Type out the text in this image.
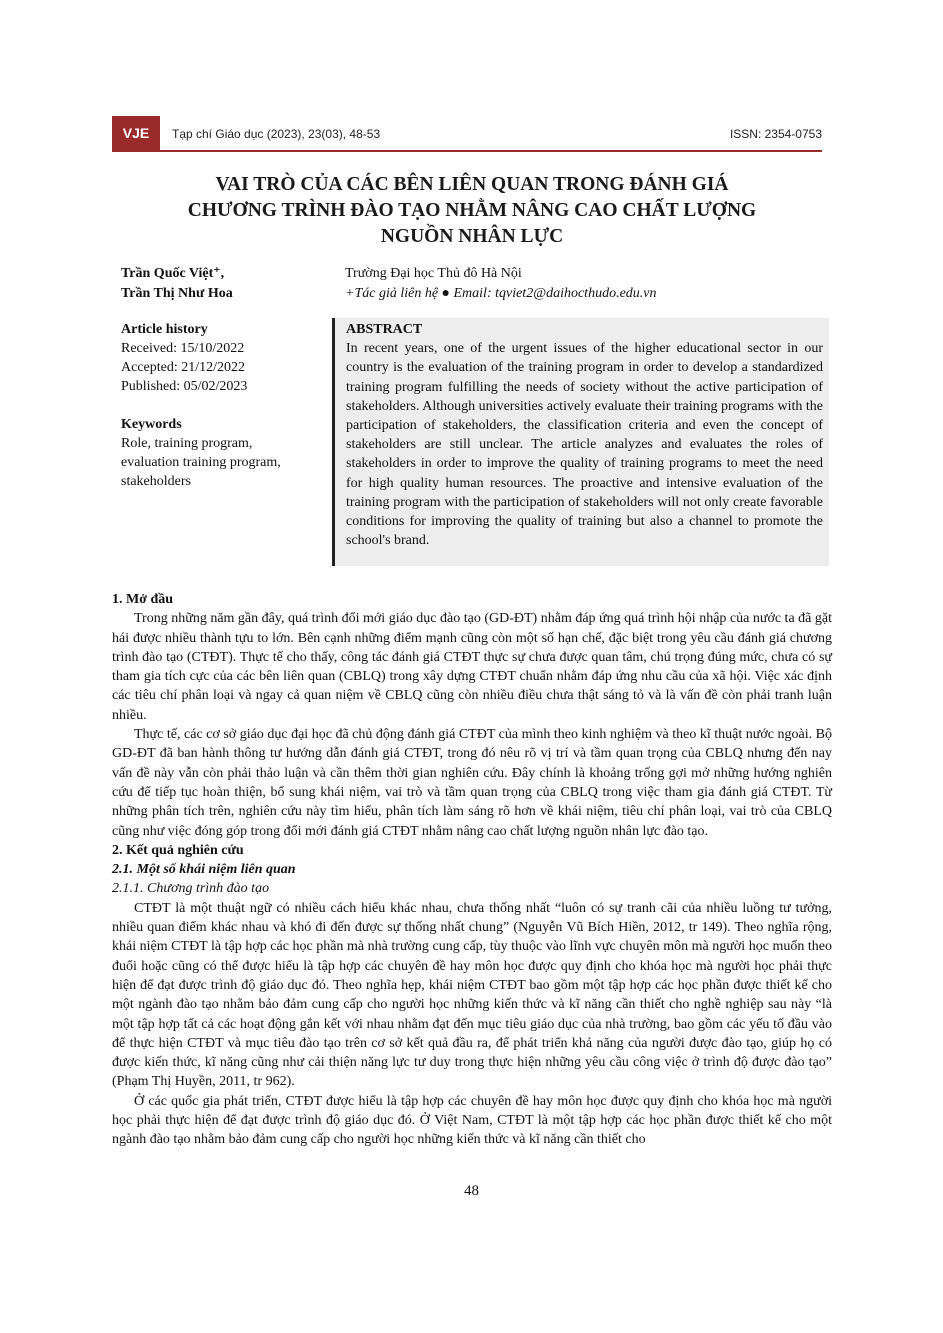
VJE	Tạp chí Giáo dục (2023), 23(03), 48-53	ISSN: 2354-0753
VAI TRÒ CỦA CÁC BÊN LIÊN QUAN TRONG ĐÁNH GIÁ
CHƯƠNG TRÌNH ĐÀO TẠO NHẰM NÂNG CAO CHẤT LƯỢNG
NGUỒN NHÂN LỰC
Trần Quốc Việt⁺,
Trần Thị Như Hoa
Trường Đại học Thủ đô Hà Nội
+Tác giả liên hệ ● Email: tqviet2@daihocthudo.edu.vn
Article history
Received: 15/10/2022
Accepted: 21/12/2022
Published: 05/02/2023
Keywords
Role, training program,
evaluation training program,
stakeholders
ABSTRACT
In recent years, one of the urgent issues of the higher educational sector in our country is the evaluation of the training program in order to develop a standardized training program fulfilling the needs of society without the active participation of stakeholders. Although universities actively evaluate their training programs with the participation of stakeholders, the classification criteria and even the concept of stakeholders are still unclear. The article analyzes and evaluates the roles of stakeholders in order to improve the quality of training programs to meet the need for high quality human resources. The proactive and intensive evaluation of the training program with the participation of stakeholders will not only create favorable conditions for improving the quality of training but also a channel to promote the school's brand.

1. Mở đầu

Trong những năm gần đây, quá trình đổi mới giáo dục đào tạo (GD-ĐT) nhằm đáp ứng quá trình hội nhập của nước ta đã gặt hái được nhiều thành tựu to lớn. Bên cạnh những điểm mạnh cũng còn một số hạn chế, đặc biệt trong yêu cầu đánh giá chương trình đào tạo (CTĐT). Thực tế cho thấy, công tác đánh giá CTĐT thực sự chưa được quan tâm, chú trọng đúng mức, chưa có sự tham gia tích cực của các bên liên quan (CBLQ) trong xây dựng CTĐT chuẩn nhằm đáp ứng nhu cầu của xã hội. Việc xác định các tiêu chí phân loại và ngay cả quan niệm về CBLQ cũng còn nhiều điều chưa thật sáng tỏ và là vấn đề còn phải tranh luận nhiều.

Thực tế, các cơ sở giáo dục đại học đã chủ động đánh giá CTĐT của mình theo kinh nghiệm và theo kĩ thuật nước ngoài. Bộ GD-ĐT đã ban hành thông tư hướng dẫn đánh giá CTĐT, trong đó nêu rõ vị trí và tầm quan trọng của CBLQ nhưng đến nay vấn đề này vẫn còn phải thảo luận và cần thêm thời gian nghiên cứu. Đây chính là khoảng trống gợi mở những hướng nghiên cứu để tiếp tục hoàn thiện, bổ sung khái niệm, vai trò và tầm quan trọng của CBLQ trong việc tham gia đánh giá CTĐT. Từ những phân tích trên, nghiên cứu này tìm hiểu, phân tích làm sáng rõ hơn về khái niệm, tiêu chí phân loại, vai trò của CBLQ cũng như việc đóng góp trong đổi mới đánh giá CTĐT nhằm nâng cao chất lượng nguồn nhân lực đào tạo.

2. Kết quả nghiên cứu

2.1. Một số khái niệm liên quan

2.1.1. Chương trình đào tạo

CTĐT là một thuật ngữ có nhiều cách hiểu khác nhau, chưa thống nhất “luôn có sự tranh cãi của nhiều luồng tư tưởng, nhiều quan điểm khác nhau và khó đi đến được sự thống nhất chung” (Nguyễn Vũ Bích Hiền, 2012, tr 149). Theo nghĩa rộng, khái niệm CTĐT là tập hợp các học phần mà nhà trường cung cấp, tùy thuộc vào lĩnh vực chuyên môn mà người học muốn theo đuổi hoặc cũng có thể được hiểu là tập hợp các chuyên đề hay môn học được quy định cho khóa học mà người học phải thực hiện để đạt được trình độ giáo dục đó. Theo nghĩa hẹp, khái niệm CTĐT bao gồm một tập hợp các học phần được thiết kế cho một ngành đào tạo nhằm bảo đảm cung cấp cho người học những kiến thức và kĩ năng cần thiết cho nghề nghiệp sau này “là một tập hợp tất cả các hoạt động gắn kết với nhau nhằm đạt đến mục tiêu giáo dục của nhà trường, bao gồm các yếu tố đầu vào để thực hiện CTĐT và mục tiêu đào tạo trên cơ sở kết quả đầu ra, để phát triển khả năng của người được đào tạo, giúp họ có được kiến thức, kĩ năng cũng như cải thiện năng lực tư duy trong thực hiện những yêu cầu công việc ở trình độ được đào tạo” (Phạm Thị Huyền, 2011, tr 962).

Ở các quốc gia phát triển, CTĐT được hiểu là tập hợp các chuyên đề hay môn học được quy định cho khóa học mà người học phải thực hiện để đạt được trình độ giáo dục đó. Ở Việt Nam, CTĐT là một tập hợp các học phần được thiết kế cho một ngành đào tạo nhằm bảo đảm cung cấp cho người học những kiến thức và kĩ năng cần thiết cho

48
